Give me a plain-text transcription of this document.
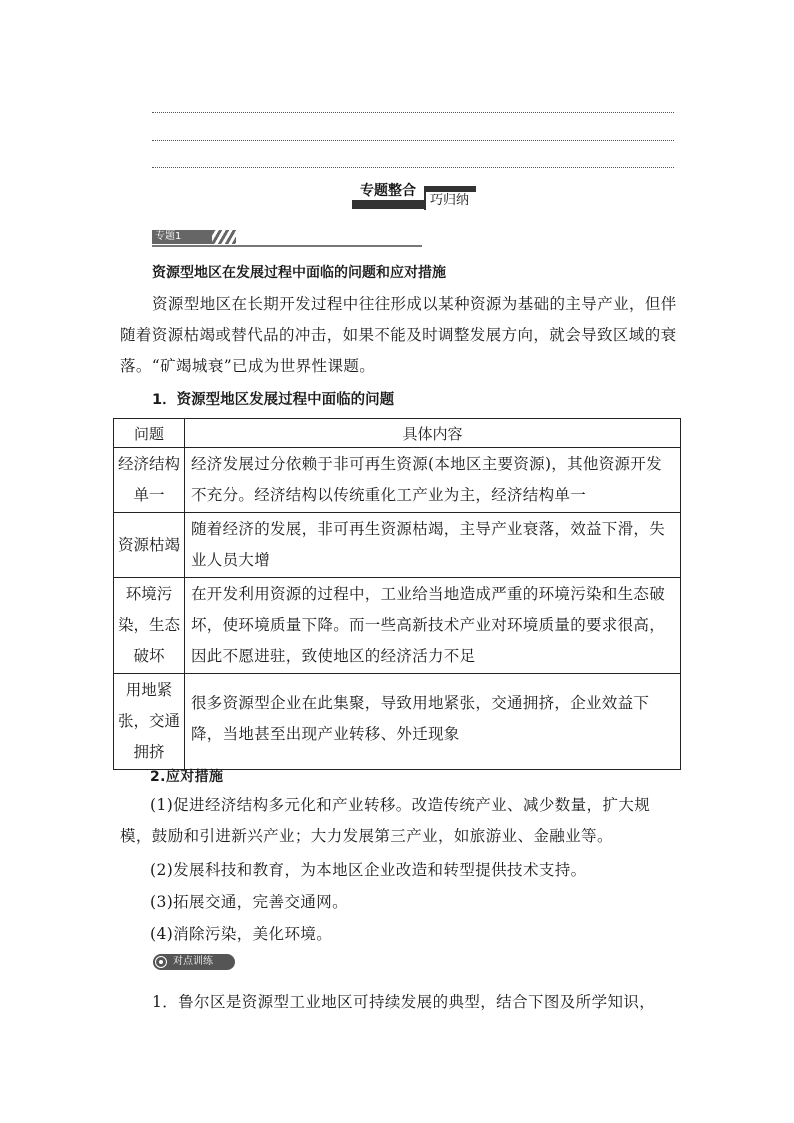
专题整合
巧归纳
专题1
资源型地区在发展过程中面临的问题和应对措施
资源型地区在长期开发过程中往往形成以某种资源为基础的主导产业，但伴随着资源枯竭或替代品的冲击，如果不能及时调整发展方向，就会导致区域的衰落。“矿竭城衰”已成为世界性课题。
1．资源型地区发展过程中面临的问题
问题	具体内容
经济结构单一	经济发展过分依赖于非可再生资源(本地区主要资源)，其他资源开发不充分。经济结构以传统重化工产业为主，经济结构单一
资源枯竭	随着经济的发展，非可再生资源枯竭，主导产业衰落，效益下滑，失业人员大增
环境污染，生态破坏	在开发利用资源的过程中，工业给当地造成严重的环境污染和生态破坏，使环境质量下降。而一些高新技术产业对环境质量的要求很高，因此不愿进驻，致使地区的经济活力不足
用地紧张，交通拥挤	很多资源型企业在此集聚，导致用地紧张，交通拥挤，企业效益下降，当地甚至出现产业转移、外迁现象
2.应对措施
(1)促进经济结构多元化和产业转移。改造传统产业、减少数量，扩大规模，鼓励和引进新兴产业；大力发展第三产业，如旅游业、金融业等。
(2)发展科技和教育，为本地区企业改造和转型提供技术支持。
(3)拓展交通，完善交通网。
(4)消除污染，美化环境。
对点训练
1．鲁尔区是资源型工业地区可持续发展的典型，结合下图及所学知识，
